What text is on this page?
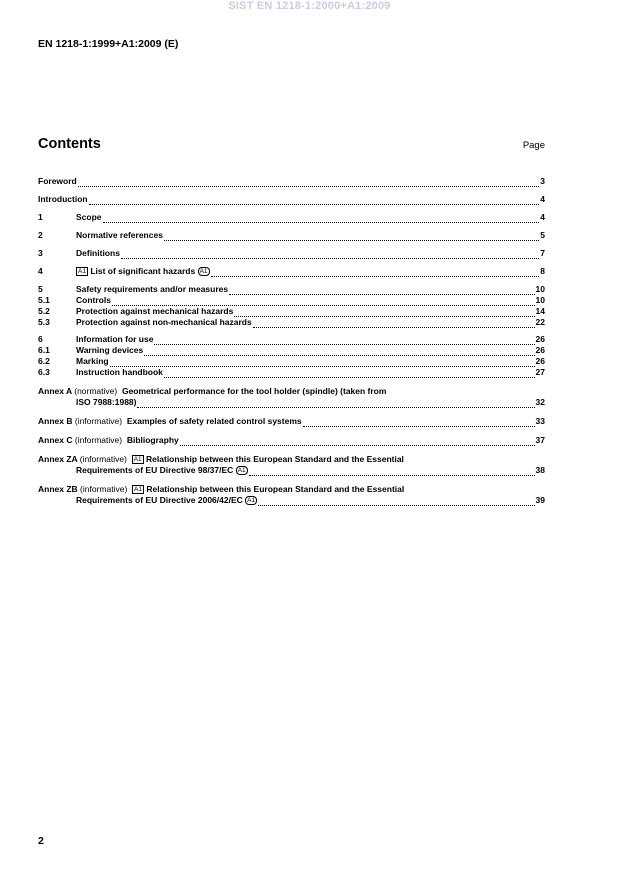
SIST EN 1218-1:2000+A1:2009
EN 1218-1:1999+A1:2009 (E)
Contents	Page
Foreword	3
Introduction	4
1	Scope	4
2	Normative references	5
3	Definitions	7
4	A1 List of significant hazards A1	8
5	Safety requirements and/or measures	10
5.1	Controls	10
5.2	Protection against mechanical hazards	14
5.3	Protection against non-mechanical hazards	22
6	Information for use	26
6.1	Warning devices	26
6.2	Marking	26
6.3	Instruction handbook	27
Annex A (normative) Geometrical performance for the tool holder (spindle) (taken from
ISO 7988:1988)	32
Annex B (informative) Examples of safety related control systems	33
Annex C (informative) Bibliography	37
Annex ZA (informative) A1 Relationship between this European Standard and the Essential
Requirements of EU Directive 98/37/EC A1	38
Annex ZB (informative) A1 Relationship between this European Standard and the Essential
Requirements of EU Directive 2006/42/EC A1	39
2
